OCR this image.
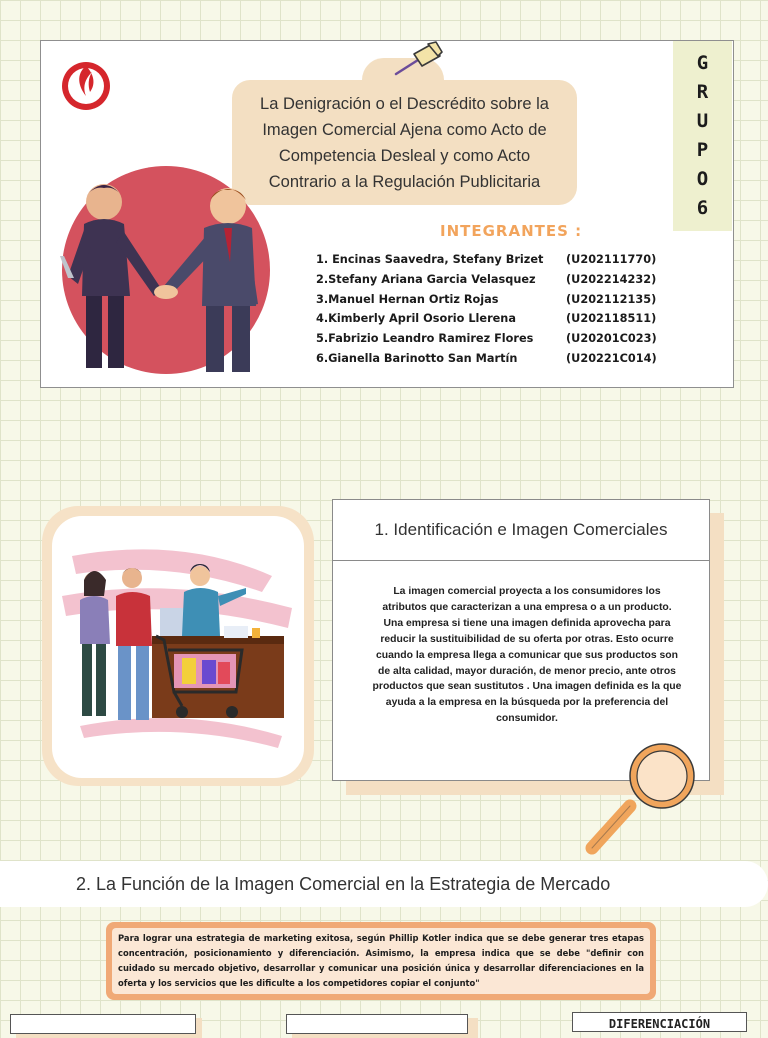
G
R
U
P
O
6
La Denigración o el Descrédito sobre la Imagen Comercial Ajena como Acto de Competencia Desleal y como Acto Contrario a la Regulación Publicitaria

INTEGRANTES :

1. Encinas Saavedra, Stefany Brizet (U202111770)
2.Stefany Ariana Garcia Velasquez	(U202214232)
3.Manuel Hernan Ortiz Rojas	(U202112135)
4.Kimberly April Osorio Llerena	(U202118511)
5.Fabrizio Leandro Ramirez Flores	(U20201C023)
6.Gianella Barinotto San Martín	(U20221C014)
1. Identificación e Imagen Comerciales

La imagen comercial proyecta a los consumidores los atributos que caracterizan a una empresa o a un producto. Una empresa si tiene una imagen definida aprovecha para reducir la sustituibilidad de su oferta por otras. Esto ocurre cuando la empresa llega a comunicar que sus productos son de alta calidad, mayor duración, de menor precio, ante otros productos que sean sustitutos . Una imagen definida es la que ayuda a la empresa en la búsqueda por la preferencia del consumidor.

2. La Función de la Imagen Comercial en la Estrategia de Mercado

Para lograr una estrategia de marketing exitosa, según Phillip Kotler indica que se debe generar tres etapas concentración, posicionamiento y diferenciación. Asimismo, la empresa indica que se debe "definir con cuidado su mercado objetivo, desarrollar y comunicar una posición única y desarrollar diferenciaciones en la oferta y los servicios que les dificulte a los competidores copiar el conjunto"

DIFERENCIACIÓN
